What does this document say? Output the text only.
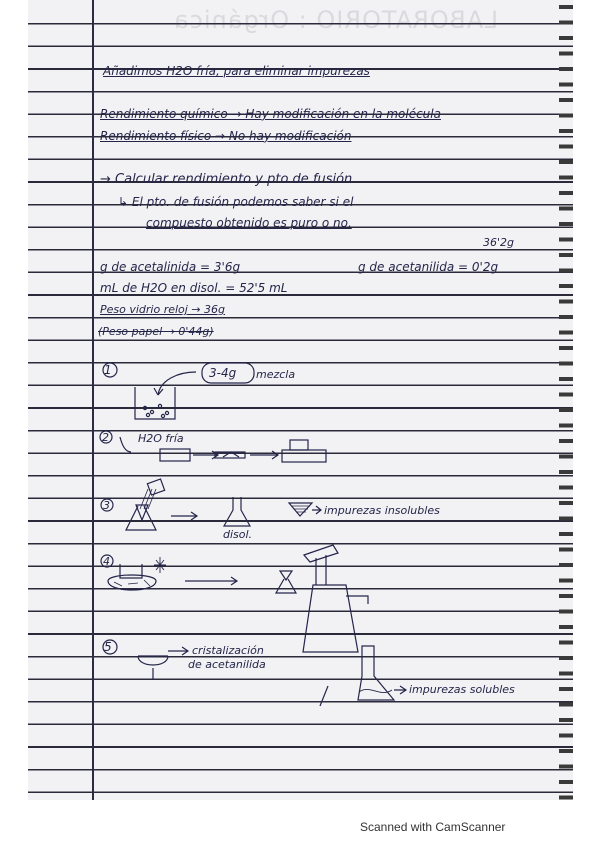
LABORATORIO : Orgánica
Añadimos H2O fría, para eliminar impurezas
Rendimiento químico → Hay modificación en la molécula
Rendimiento físico → No hay modificación
→ Calcular rendimiento y pto de fusión
↳ El pto. de fusión podemos saber si el
compuesto obtenido es puro o no.
36'2g
g de acetalinida = 3'6g	g de acetanilida = 0'2g
mL de H2O en disol. = 52'5 mL
Peso vidrio reloj → 36g
(Peso papel → 0'44g)
1	3-4g mezcla
2	H2O fría
3
disol.
impurezas insolubles
4
5	cristalización
de acetanilida
impurezas solubles
Scanned with CamScanner
